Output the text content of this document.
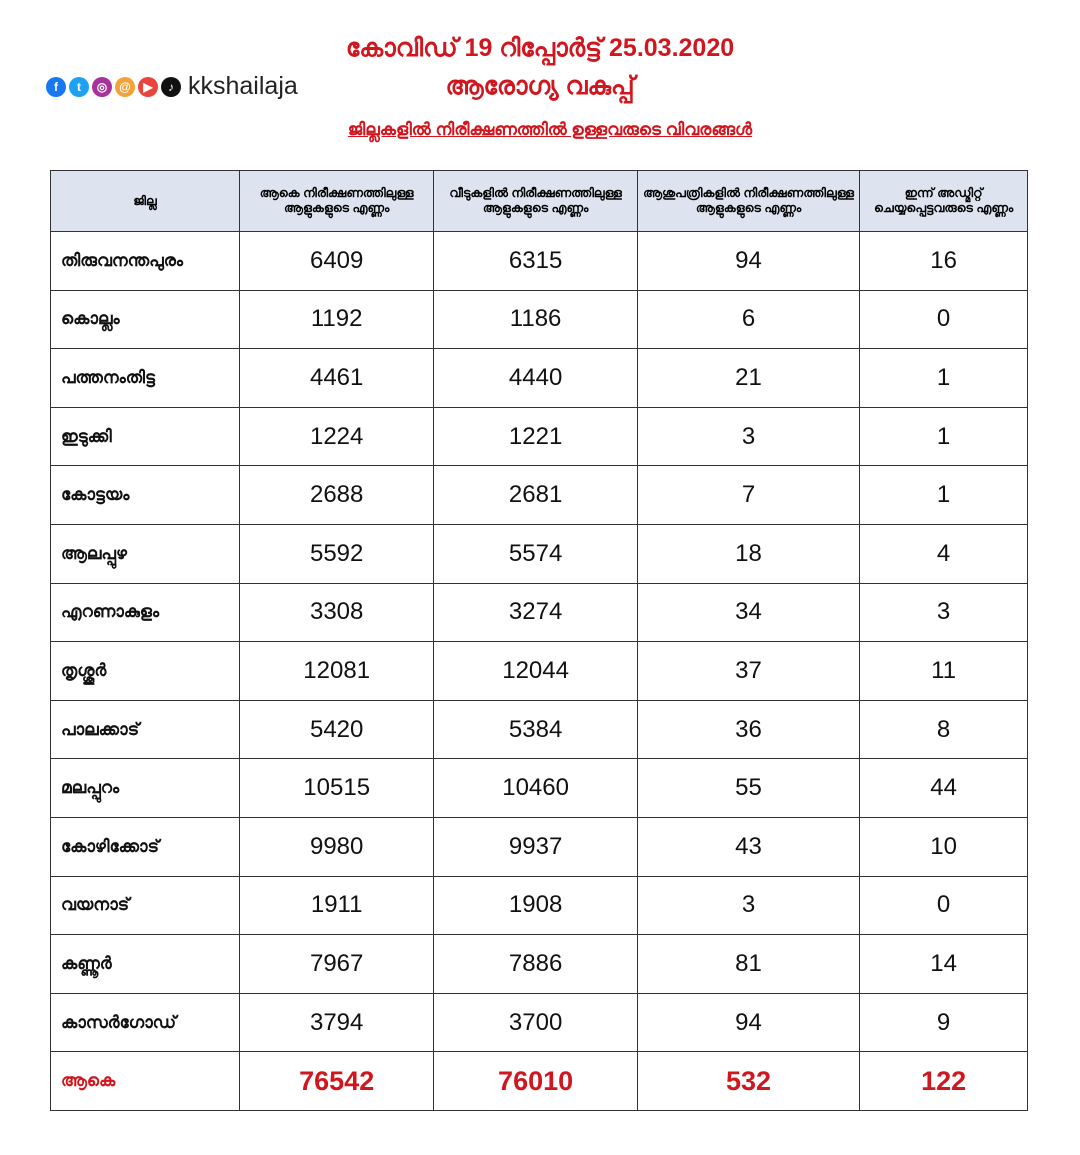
f	t	◎ @	▶	♪ kkshailaja
കോവിഡ് 19 റിപ്പോർട്ട് 25.03.2020
ആരോഗ്യ വകുപ്പ്
ജില്ലകളിൽ നിരീക്ഷണത്തിൽ ഉള്ളവരുടെ വിവരങ്ങൾ
ജില്ല	ആകെ നിരീക്ഷണത്തിലുള്ള ആളുകളുടെ എണ്ണം	വീടുകളിൽ നിരീക്ഷണത്തിലുള്ള ആളുകളുടെ എണ്ണം	ആശുപത്രികളിൽ നിരീക്ഷണത്തിലുള്ള ആളുകളുടെ എണ്ണം	ഇന്ന് അഡ്മിറ്റ് ചെയ്യപ്പെട്ടവരുടെ എണ്ണം
തിരുവനന്തപുരം	6409	6315	94	16
കൊല്ലം	1192	1186	6	0
പത്തനംതിട്ട	4461	4440	21	1
ഇടുക്കി	1224	1221	3	1
കോട്ടയം	2688	2681	7	1
ആലപ്പുഴ	5592	5574	18	4
എറണാകുളം	3308	3274	34	3
തൃശ്ശൂർ	12081	12044	37	11
പാലക്കാട്	5420	5384	36	8
മലപ്പുറം	10515	10460	55	44
കോഴിക്കോട്	9980	9937	43	10
വയനാട്	1911	1908	3	0
കണ്ണൂർ	7967	7886	81	14
കാസർഗോഡ്	3794	3700	94	9
ആകെ	76542	76010	532	122
